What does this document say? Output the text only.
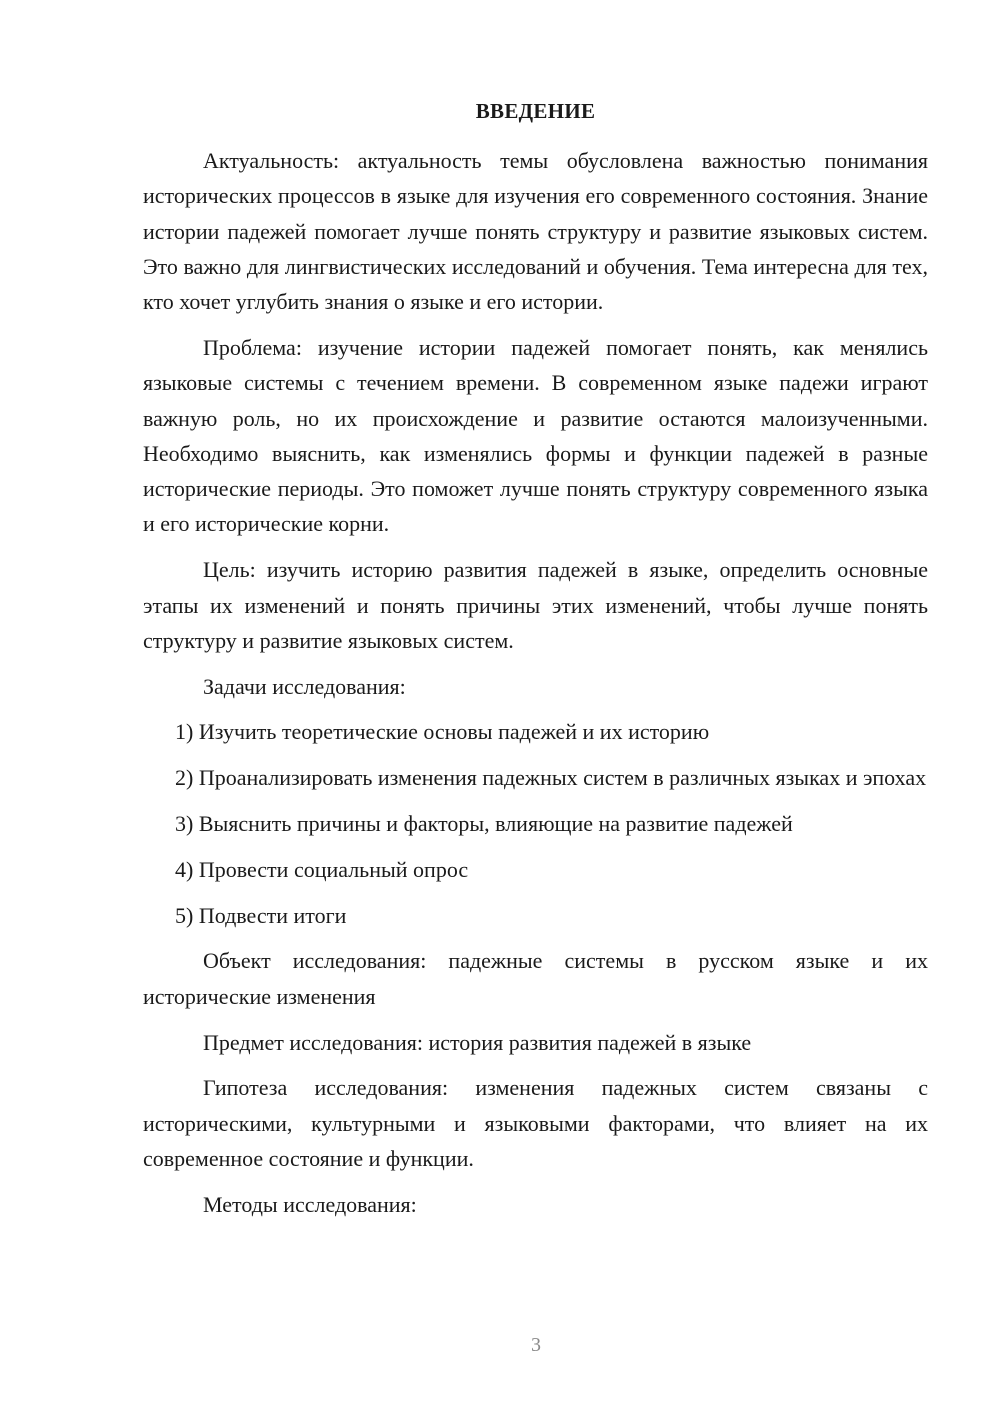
ВВЕДЕНИЕ

Актуальность: актуальность темы обусловлена важностью понимания исторических процессов в языке для изучения его современного состояния. Знание истории падежей помогает лучше понять структуру и развитие языковых систем. Это важно для лингвистических исследований и обучения. Тема интересна для тех, кто хочет углубить знания о языке и его истории.

Проблема: изучение истории падежей помогает понять, как менялись языковые системы с течением времени. В современном языке падежи играют важную роль, но их происхождение и развитие остаются малоизученными. Необходимо выяснить, как изменялись формы и функции падежей в разные исторические периоды. Это поможет лучше понять структуру современного языка и его исторические корни.

Цель: изучить историю развития падежей в языке, определить основные этапы их изменений и понять причины этих изменений, чтобы лучше понять структуру и развитие языковых систем.

Задачи исследования:

1) Изучить теоретические основы падежей и их историю

2) Проанализировать изменения падежных систем в различных языках и эпохах

3) Выяснить причины и факторы, влияющие на развитие падежей

4) Провести социальный опрос

5) Подвести итоги

Объект исследования: падежные системы в русском языке и их исторические изменения

Предмет исследования: история развития падежей в языке

Гипотеза исследования: изменения падежных систем связаны с историческими, культурными и языковыми факторами, что влияет на их современное состояние и функции.

Методы исследования:

3
